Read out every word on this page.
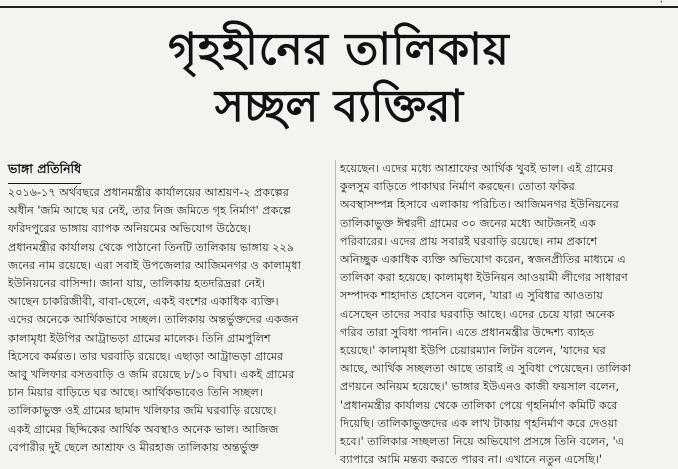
'
গৃহহীনের তালিকায়
সচ্ছল ব্যক্তিরা
ভাঙ্গা প্রতিনিধি
২০১৬-১৭ অর্থবছরে প্রধানমন্ত্রীর কার্যালয়ের আশ্রয়ণ-২ প্রকল্পের
অধীন 'জমি আছে ঘর নেই, তার নিজ জমিতে গৃহ নির্মাণ' প্রকল্পে
ফরিদপুরের ভাঙ্গায় ব্যাপক অনিয়মের অভিযোগ উঠেছে।
প্রধানমন্ত্রীর কার্যালয় থেকে পাঠানো তিনটি তালিকায় ভাঙ্গায় ২২৯
জনের নাম রয়েছে। এরা সবাই উপজেলার আজিমনগর ও কালামৃধা
ইউনিয়নের বাসিন্দা। জানা যায়, তালিকায় হতদরিদ্ররা নেই।
আছেন চাকরিজীবী, বাবা-ছেলে, একই বংশের একাধিক ব্যক্তি।
এদের অনেকে আর্থিকভাবে সচ্ছল। তালিকায় অন্তর্ভুক্তদের একজন
কালামৃধা ইউপির আট্রাভড়া গ্রামের মালেক। তিনি গ্রামপুলিশ
হিসেবে কর্মরত। তার ঘরবাড়ি রয়েছে। এছাড়া আট্রাভড়া গ্রামের
আবু খলিফার বসতবাড়ি ও জমি রয়েছে ৮/১০ বিঘা। একই গ্রামের
চান মিয়ার বাড়িতে ঘর আছে। আর্থিকভাবেও তিনি সচ্ছল।
তালিকাভুক্ত ওই গ্রামের ছামাদ খলিফার জমি ঘরবাড়ি রয়েছে।
একই গ্রামের ছিদ্দিকের আর্থিক অবস্থাও অনেক ভাল। আজিজ
বেপারীর দুই ছেলে আশ্রাফ ও মীরহাজ তালিকায় অন্তর্ভুক্ত
হয়েছেন। এদের মধ্যে আশ্রাফের আর্থিক খুবই ভাল। এই গ্রামের
কুলসুম বাড়িতে পাকাঘর নির্মাণ করছেন। তোতা ফকির
অবস্থাসম্পন্ন হিসাবে এলাকায় পরিচিত। আজিমনগর ইউনিয়নের
তালিকাভুক্ত ঈশ্বরদী গ্রামের ৩০ জনের মধ্যে আটজনই এক
পরিবারের। এদের প্রায় সবারই ঘরবাড়ি রয়েছে। নাম প্রকাশে
অনিচ্ছুক একাধিক ব্যক্তি অভিযোগ করেন, স্বজনপ্রীতির মাধ্যমে এ
তালিকা করা হয়েছে। কালামৃধা ইউনিয়ন আওয়ামী লীগের সাধারণ
সম্পাদক শাহাদাত হোসেন বলেন, 'যারা এ সুবিধার আওতায়
এসেছেন তাদের সবার ঘরবাড়ি আছে। এদের চেয়ে যারা অনেক
গরিব তারা সুবিধা পাননি। এতে প্রধানমন্ত্রীর উদ্দেশ্য ব্যাহত
হয়েছে।' কালামৃধা ইউপি চেয়ারম্যান লিটন বলেন, 'যাদের ঘর
আছে, আর্থিক সচ্ছলতা আছে তারাই এ সুবিধা পেয়েছেন। তালিকা
প্রণয়নে অনিয়ম হয়েছে।' ভাঙ্গার ইউএনও কাজী ফয়সাল বলেন,
'প্রধানমন্ত্রীর কার্যালয় থেকে তালিকা পেয়ে গৃহনির্মাণ কমিটি করে
দিয়েছি। তালিকাভুক্তদের এক লাখ টাকায় গৃহনির্মাণ করে দেওয়া
হবে।' তালিকার সচ্ছলতা নিয়ে অভিযোগ প্রসঙ্গে তিনি বলেন, 'এ
ব্যাপারে আমি মন্তব্য করতে পারব না। এখানে নতুন এসেছি।'
